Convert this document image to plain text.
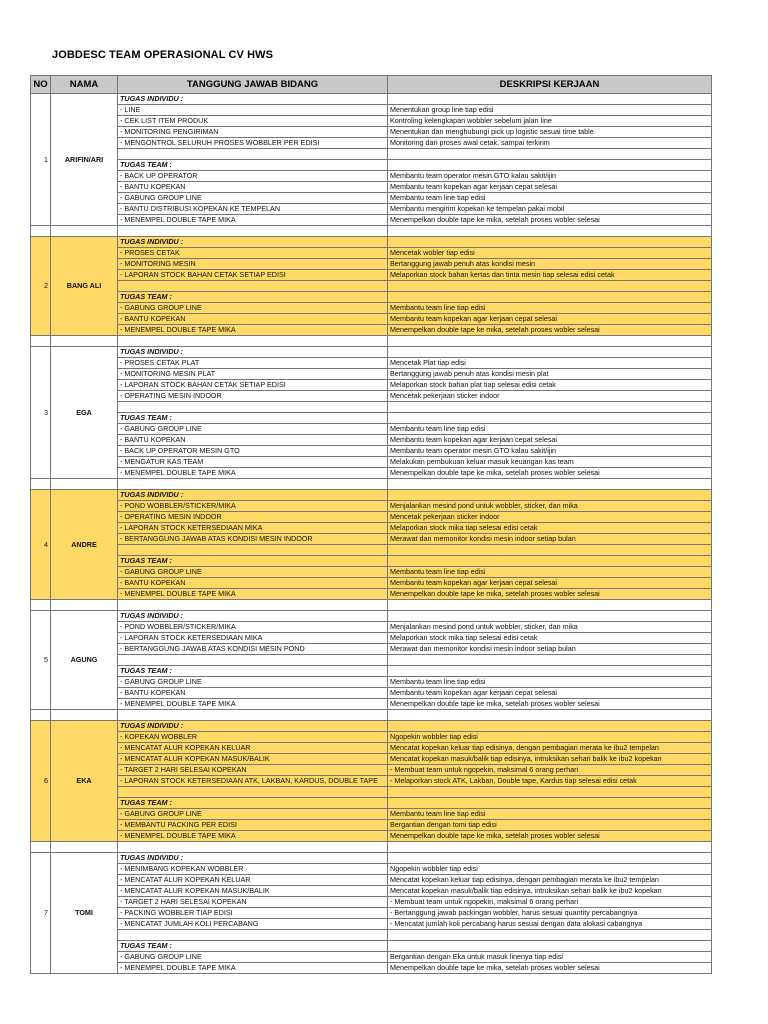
JOBDESC TEAM OPERASIONAL CV HWS
NO	NAMA	TANGGUNG JAWAB BIDANG	DESKRIPSI KERJAAN
1	ARIFIN/ARI	TUGAS INDIVIDU :	
		- LINE	Menentukan group line tiap edisi
		- CEK LIST ITEM PRODUK	Kontroling kelengkapan wobbler sebelum jalan line
		- MONITORING PENGIRIMAN	Menentukan dan menghubungi pick up logistic sesuai time table
		- MENGONTROL SELURUH PROSES WOBBLER PER EDISI	Monitoring dari proses awal cetak, sampai terkirim

		TUGAS TEAM :	
		- BACK UP OPERATOR	Membantu team operator mesin GTO kalau sakit/ijin
		- BANTU KOPEKAN	Membantu team kopekan agar kerjaan cepat selesai
		- GABUNG GROUP LINE	Membantu team line tiap edisi
		- BANTU DISTRIBUSI KOPEKAN KE TEMPELAN	Membantu mengirim kopekan ke tempelan pakai mobil
		- MENEMPEL DOUBLE TAPE MIKA	Menempelkan double tape ke mika, setelah proses wobler selesai

2	BANG ALI	TUGAS INDIVIDU :	
		- PROSES CETAK	Mencetak wobler tiap edisi
		- MONITORING MESIN	Bertanggung jawab penuh atas kondisi mesin
		- LAPORAN STOCK BAHAN CETAK SETIAP EDISI	Melaporkan stock bahan kertas dan tinta mesin tiap selesai edisi cetak

		TUGAS TEAM :	
		- GABUNG GROUP LINE	Membantu team line tiap edisi
		- BANTU KOPEKAN	Membantu team kopekan agar kerjaan cepat selesai
		- MENEMPEL DOUBLE TAPE MIKA	Menempelkan double tape ke mika, setelah proses wobler selesai

3	EGA	TUGAS INDIVIDU :	
		- PROSES CETAK PLAT	Mencetak Plat tiap edisi
		- MONITORING MESIN PLAT	Bertanggung jawab penuh atas kondisi mesin plat
		- LAPORAN STOCK BAHAN CETAK SETIAP EDISI	Melaporkan stock bahan plat tiap selesai edisi cetak
		- OPERATING MESIN INDOOR	Mencetak pekerjaan sticker indoor

		TUGAS TEAM :	
		- GABUNG GROUP LINE	Membantu team line tiap edisi
		- BANTU KOPEKAN	Membantu team kopekan agar kerjaan cepat selesai
		- BACK UP OPERATOR MESIN GTO	Membantu team operator mesin GTO kalau sakit/ijin
		- MENGATUR KAS TEAM	Melakukan pembukuan keluar masuk keuangan kas team
		- MENEMPEL DOUBLE TAPE MIKA	Menempelkan double tape ke mika, setelah proses wobler selesai

4	ANDRE	TUGAS INDIVIDU :	
		- POND WOBBLER/STICKER/MIKA	Menjalankan mesind pond untuk wobbler, sticker, dan mika
		- OPERATING MESIN INDOOR	Mencetak pekerjaan sticker indoor
		- LAPORAN STOCK KETERSEDIAAN MIKA	Melaporkan stock mika tiap selesai edisi cetak
		- BERTANGGUNG JAWAB ATAS KONDISI MESIN INDOOR	Merawat dan memonitor kondisi mesin indoor setiap bulan

		TUGAS TEAM :	
		- GABUNG GROUP LINE	Membantu team line tiap edisi
		- BANTU KOPEKAN	Membantu team kopekan agar kerjaan cepat selesai
		- MENEMPEL DOUBLE TAPE MIKA	Menempelkan double tape ke mika, setelah proses wobler selesai

5	AGUNG	TUGAS INDIVIDU :	
		- POND WOBBLER/STICKER/MIKA	Menjalankan mesind pond untuk wobbler, sticker, dan mika
		- LAPORAN STOCK KETERSEDIAAN MIKA	Melaporkan stock mika tiap selesai edisi cetak
		- BERTANGGUNG JAWAB ATAS KONDISI MESIN POND	Merawat dan memonitor kondisi mesin indoor setiap bulan

		TUGAS TEAM :	
		- GABUNG GROUP LINE	Membantu team line tiap edisi
		- BANTU KOPEKAN	Membantu team kopekan agar kerjaan cepat selesai
		- MENEMPEL DOUBLE TAPE MIKA	Menempelkan double tape ke mika, setelah proses wobler selesai

6	EKA	TUGAS INDIVIDU :	
		- KOPEKAN WOBBLER	Ngopekin wobbler tiap edisi
		- MENCATAT ALUR KOPEKAN KELUAR	Mencatat kopekan keluar tiap edisinya, dengan pembagian merata ke ibu2 tempelan
		- MENCATAT ALUR KOPEKAN MASUK/BALIK	Mencatat kopekan masuk/balik tiap edisinya, intruksikan sehari balik ke ibu2 kopekan
		- TARGET 2 HARI SELESAI KOPEKAN	- Membuat team untuk ngopekin, maksimal 6 orang perhari
		- LAPORAN STOCK KETERSEDIAAN ATK, LAKBAN, KARDUS, DOUBLE TAPE	- Melaporkan stock ATK, Lakban, Double tape, Kardus tiap selesai edisi cetak

		TUGAS TEAM :	
		- GABUNG GROUP LINE	Membantu team line tiap edisi
		- MEMBANTU PACKING PER EDISI	Bergantian dengan tomi tiap edisi
		- MENEMPEL DOUBLE TAPE MIKA	Menempelkan double tape ke mika, setelah proses wobler selesai

7	TOMI	TUGAS INDIVIDU :	
		- MENIMBANG KOPEKAN WOBBLER	Ngopekin wobbler tiap edisi
		- MENCATAT ALUR KOPEKAN KELUAR	Mencatat kopekan keluar tiap edisinya, dengan pembagian merata ke ibu2 tempelan
		- MENCATAT ALUR KOPEKAN MASUK/BALIK	Mencatat kopekan masuk/balik tiap edisinya, intruksikan sehari balik ke ibu2 kopekan
		- TARGET 2 HARI SELESAI KOPEKAN	- Membuat team untuk ngopekin, maksimal 6 orang perhari
		- PACKING WOBBLER TIAP EDISI	- Bertanggung jawab packingan wobbler, harus sesuai quantity percabangnya
		- MENCATAT JUMLAH KOLI PERCABANG	- Mencatat jumlah koli percabang harus sesuai dengan data alokasi cabangnya

		TUGAS TEAM :	
		- GABUNG GROUP LINE	Bergantian dengan Eka untuk masuk linenya tiap edisi
		- MENEMPEL DOUBLE TAPE MIKA	Menempelkan double tape ke mika, setelah proses wobler selesai
